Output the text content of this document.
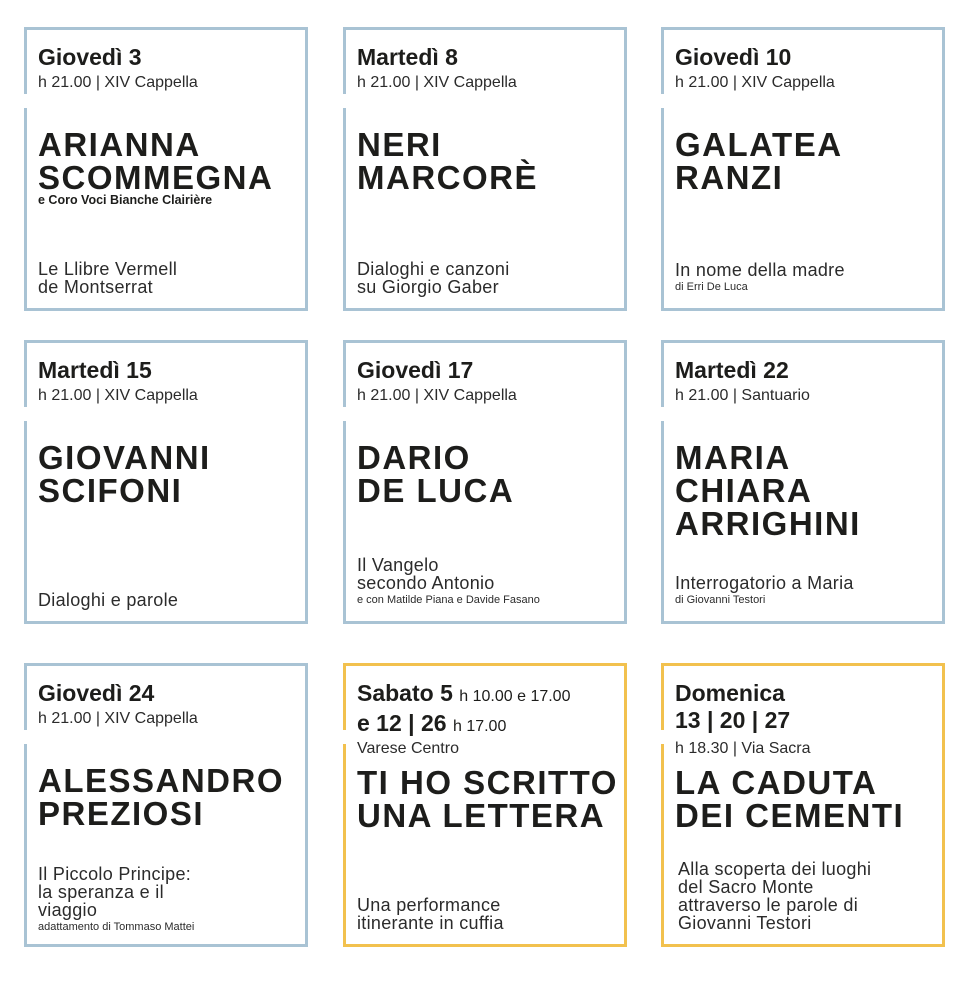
Giovedì 3
h 21.00 | XIV Cappella
ARIANNA
SCOMMEGNA
e Coro Voci Bianche Clairière
Le Llibre Vermell
de Montserrat
Martedì 8
h 21.00 | XIV Cappella
NERI
MARCORÈ
Dialoghi e canzoni
su Giorgio Gaber
Giovedì 10
h 21.00 | XIV Cappella
GALATEA
RANZI
In nome della madre
di Erri De Luca
Martedì 15
h 21.00 | XIV Cappella
GIOVANNI
SCIFONI
Dialoghi e parole
Giovedì 17
h 21.00 | XIV Cappella
DARIO
DE LUCA
Il Vangelo
secondo Antonio
e con Matilde Piana e Davide Fasano
Martedì 22
h 21.00 | Santuario
MARIA
CHIARA
ARRIGHINI
Interrogatorio a Maria
di Giovanni Testori
Giovedì 24
h 21.00 | XIV Cappella
ALESSANDRO
PREZIOSI
Il Piccolo Principe:
la speranza e il
viaggio
adattamento di Tommaso Mattei
Sabato 5 h 10.00 e 17.00
e 12 | 26 h 17.00
Varese Centro
TI HO SCRITTO
UNA LETTERA
Una performance
itinerante in cuffia
Domenica
13 | 20 | 27
h 18.30 | Via Sacra
LA CADUTA
DEI CEMENTI
Alla scoperta dei luoghi
del Sacro Monte
attraverso le parole di
Giovanni Testori
